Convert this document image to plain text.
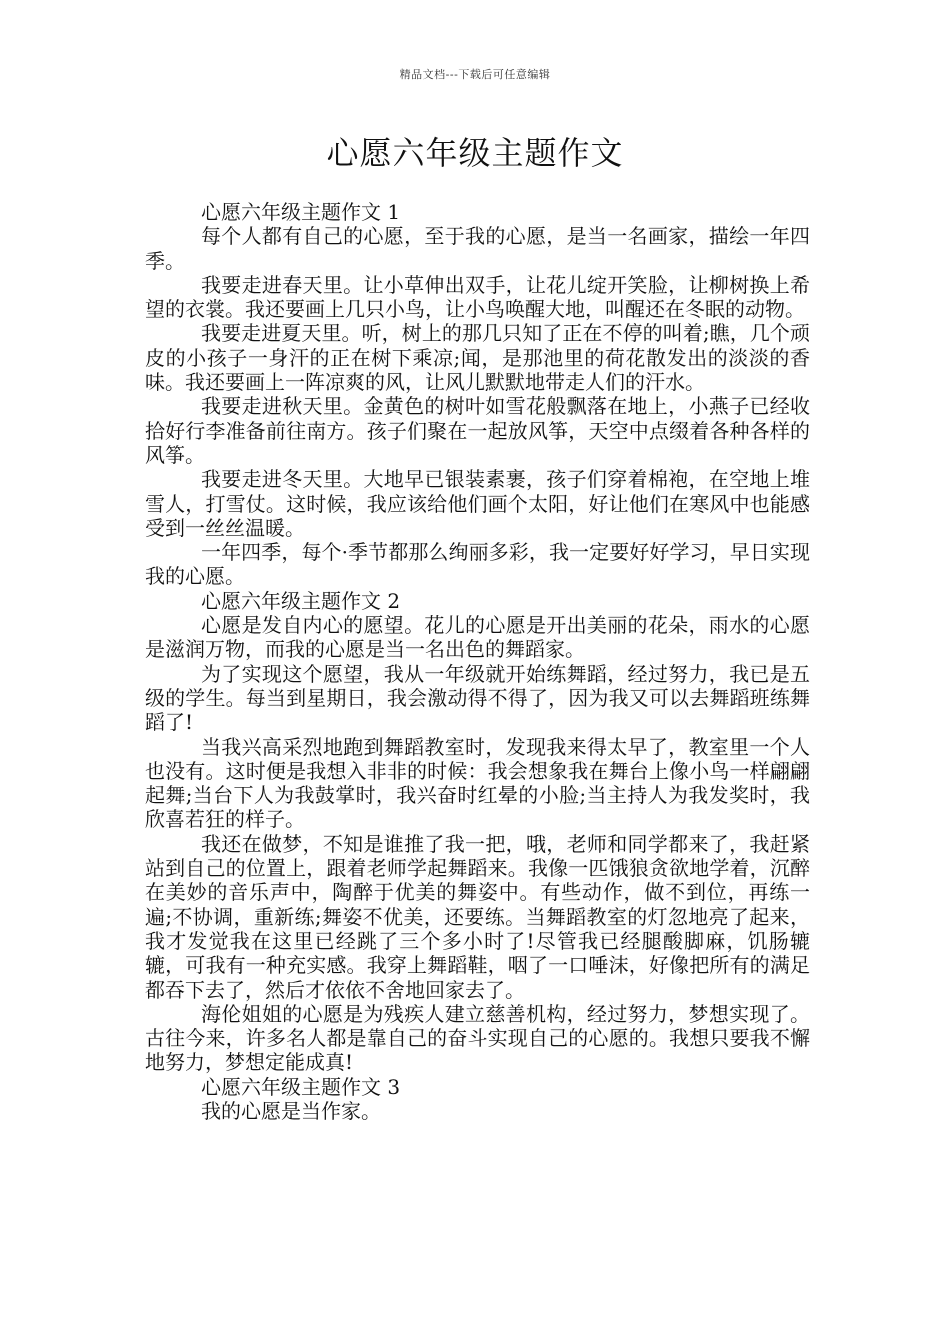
精品文档---下载后可任意编辑
心愿六年级主题作文

心愿六年级主题作文 1

每个人都有自己的心愿，至于我的心愿，是当一名画家，描绘一年四季。

我要走进春天里。让小草伸出双手，让花儿绽开笑脸，让柳树换上希望的衣裳。我还要画上几只小鸟，让小鸟唤醒大地，叫醒还在冬眠的动物。

我要走进夏天里。听，树上的那几只知了正在不停的叫着;瞧，几个顽皮的小孩子一身汗的正在树下乘凉;闻，是那池里的荷花散发出的淡淡的香味。我还要画上一阵凉爽的风，让风儿默默地带走人们的汗水。

我要走进秋天里。金黄色的树叶如雪花般飘落在地上，小燕子已经收拾好行李准备前往南方。孩子们聚在一起放风筝，天空中点缀着各种各样的风筝。

我要走进冬天里。大地早已银装素裹，孩子们穿着棉袍，在空地上堆雪人，打雪仗。这时候，我应该给他们画个太阳，好让他们在寒风中也能感受到一丝丝温暖。

一年四季，每个·季节都那么绚丽多彩，我一定要好好学习，早日实现我的心愿。

心愿六年级主题作文 2

心愿是发自内心的愿望。花儿的心愿是开出美丽的花朵，雨水的心愿是滋润万物，而我的心愿是当一名出色的舞蹈家。

为了实现这个愿望，我从一年级就开始练舞蹈，经过努力，我已是五级的学生。每当到星期日，我会激动得不得了，因为我又可以去舞蹈班练舞蹈了!

当我兴高采烈地跑到舞蹈教室时，发现我来得太早了，教室里一个人也没有。这时便是我想入非非的时候：我会想象我在舞台上像小鸟一样翩翩起舞;当台下人为我鼓掌时，我兴奋时红晕的小脸;当主持人为我发奖时，我欣喜若狂的样子。

我还在做梦，不知是谁推了我一把，哦，老师和同学都来了，我赶紧站到自己的位置上，跟着老师学起舞蹈来。我像一匹饿狼贪欲地学着，沉醉在美妙的音乐声中，陶醉于优美的舞姿中。有些动作，做不到位，再练一遍;不协调，重新练;舞姿不优美，还要练。当舞蹈教室的灯忽地亮了起来，我才发觉我在这里已经跳了三个多小时了!尽管我已经腿酸脚麻，饥肠辘辘，可我有一种充实感。我穿上舞蹈鞋，咽了一口唾沫，好像把所有的满足都吞下去了，然后才依依不舍地回家去了。

海伦姐姐的心愿是为残疾人建立慈善机构，经过努力，梦想实现了。古往今来，许多名人都是靠自己的奋斗实现自己的心愿的。我想只要我不懈地努力，梦想定能成真!

心愿六年级主题作文 3

我的心愿是当作家。
